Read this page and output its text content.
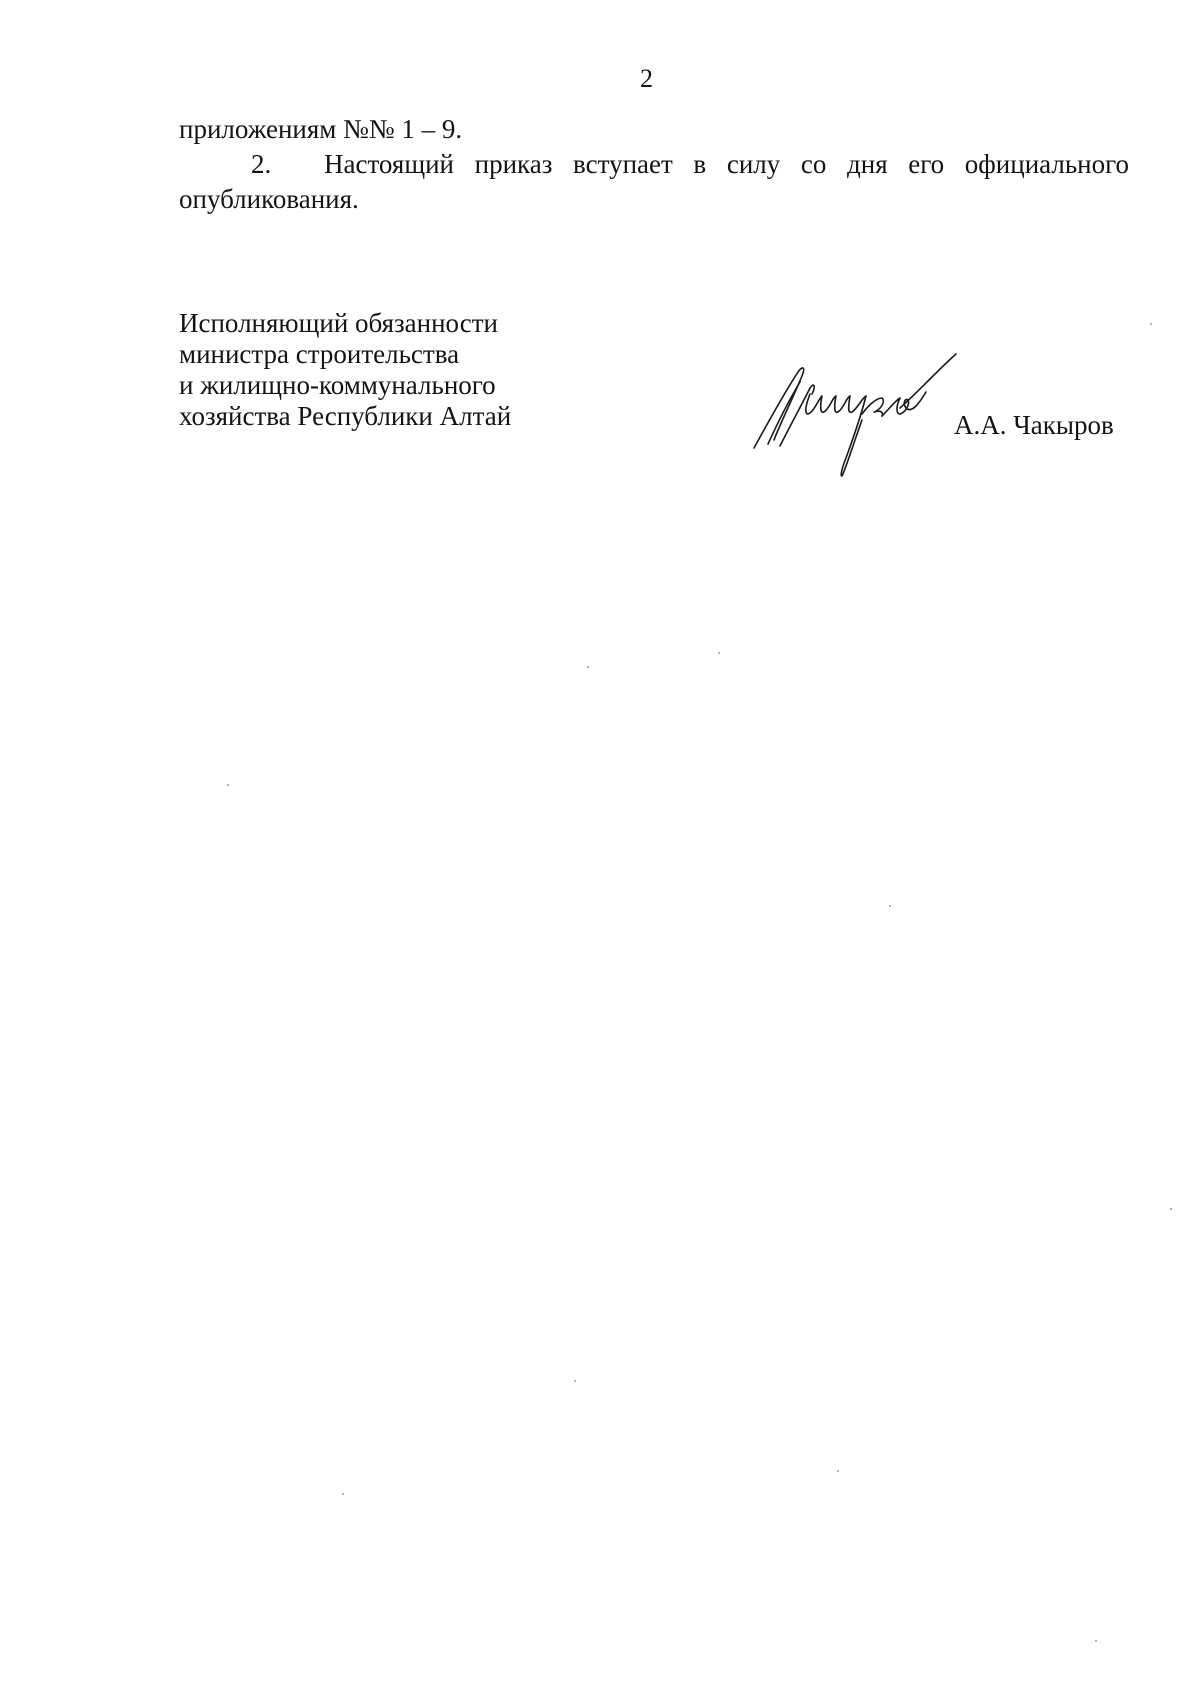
2

приложениям №№ 1 – 9.

2. Настоящий приказ вступает в силу со дня его официального опубликования.

Исполняющий обязанности
министра строительства
и жилищно-коммунального
хозяйства Республики Алтай	А.А. Чакыров
